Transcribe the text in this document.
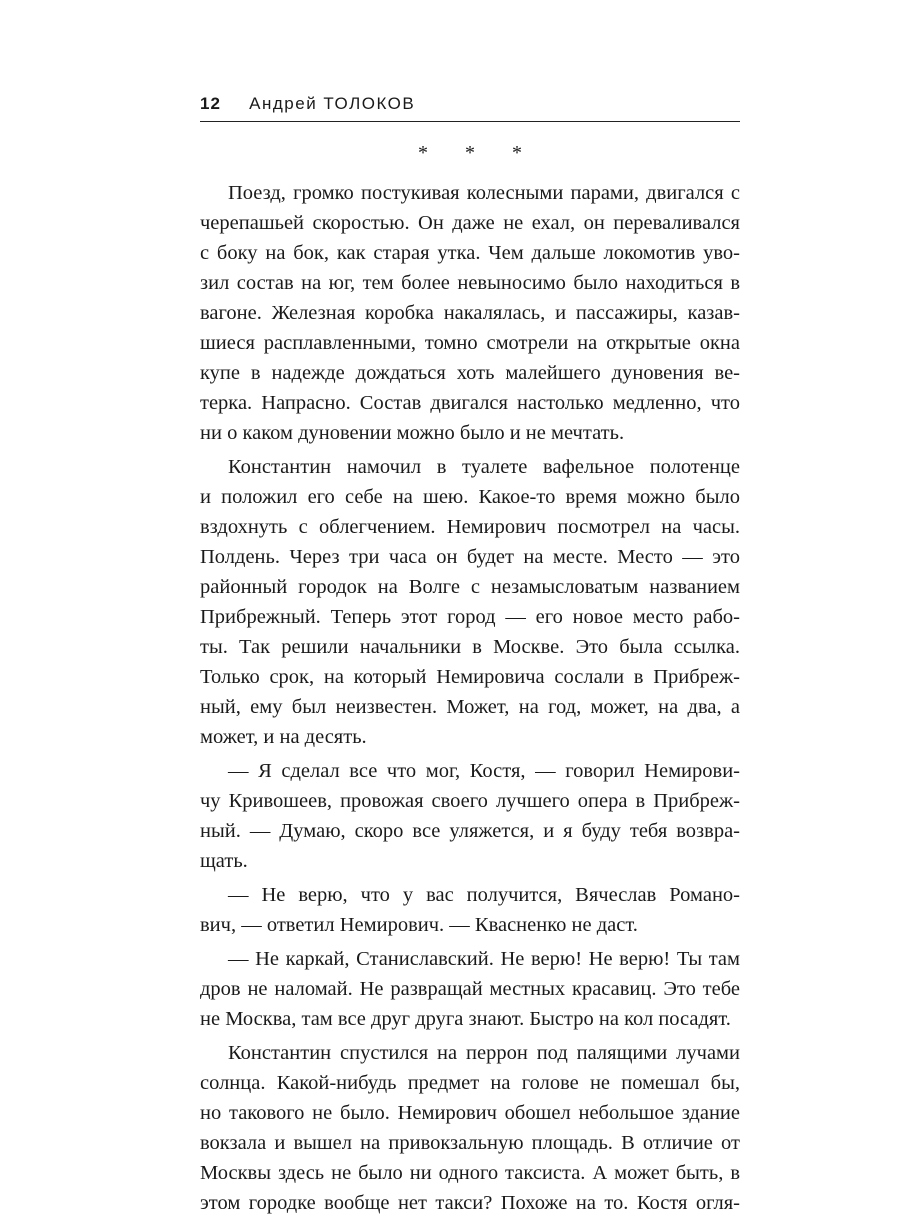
12 Андрей ТОЛОКОВ
* * *
Поезд, громко постукивая колесными парами, двигался с
черепашьей скоростью. Он даже не ехал, он переваливался
с боку на бок, как старая утка. Чем дальше локомотив уво-
зил состав на юг, тем более невыносимо было находиться в
вагоне. Железная коробка накалялась, и пассажиры, казав-
шиеся расплавленными, томно смотрели на открытые окна
купе в надежде дождаться хоть малейшего дуновения ве-
терка. Напрасно. Состав двигался настолько медленно, что
ни о каком дуновении можно было и не мечтать.
Константин намочил в туалете вафельное полотенце
и положил его себе на шею. Какое-то время можно было
вздохнуть с облегчением. Немирович посмотрел на часы.
Полдень. Через три часа он будет на месте. Место — это
районный городок на Волге с незамысловатым названием
Прибрежный. Теперь этот город — его новое место рабо-
ты. Так решили начальники в Москве. Это была ссылка.
Только срок, на который Немировича сослали в Прибреж-
ный, ему был неизвестен. Может, на год, может, на два, а
может, и на десять.
— Я сделал все что мог, Костя, — говорил Немирови-
чу Кривошеев, провожая своего лучшего опера в Прибреж-
ный. — Думаю, скоро все уляжется, и я буду тебя возвра-
щать.
— Не верю, что у вас получится, Вячеслав Романо-
вич, — ответил Немирович. — Квасненко не даст.
— Не каркай, Станиславский. Не верю! Не верю! Ты там
дров не наломай. Не развращай местных красавиц. Это тебе
не Москва, там все друг друга знают. Быстро на кол посадят.
Константин спустился на перрон под палящими лучами
солнца. Какой-нибудь предмет на голове не помешал бы,
но такового не было. Немирович обошел небольшое здание
вокзала и вышел на привокзальную площадь. В отличие от
Москвы здесь не было ни одного таксиста. А может быть, в
этом городке вообще нет такси? Похоже на то. Костя огля-
